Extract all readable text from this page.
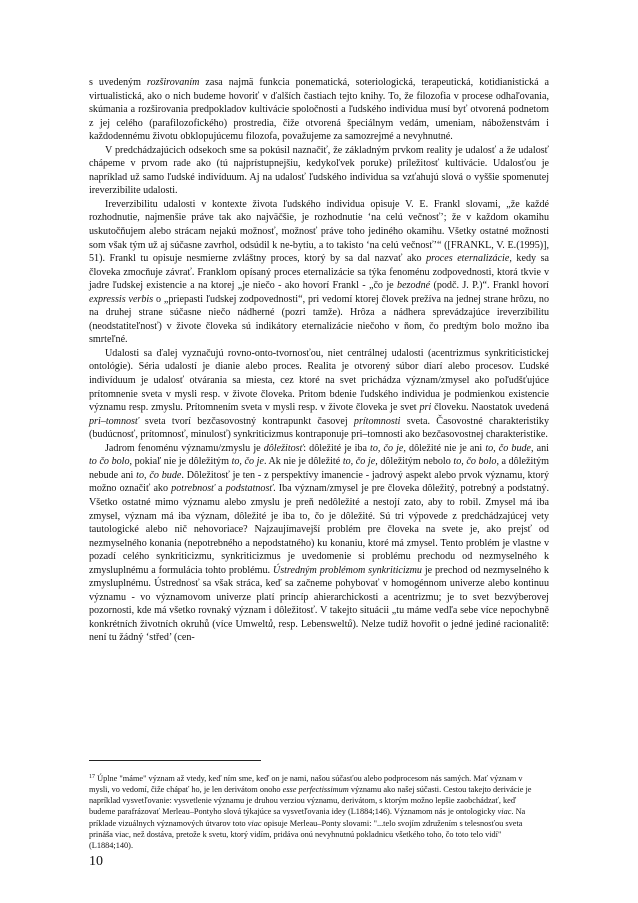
s uvedeným rozširovaním zasa najmä funkcia ponematická, soteriologická, terapeutická, kotidianistická a virtualistická, ako o nich budeme hovoriť v ďalších častiach tejto knihy. To, že filozofia v procese odhaľovania, skúmania a rozširovania predpokladov kultivácie spoločnosti a ľudského individua musí byť otvorená podnetom z jej celého (parafilozofického) prostredia, čiže otvorená špeciálnym vedám, umeniam, náboženstvám i každodennému životu obklopujúcemu filozofa, považujeme za samozrejmé a nevyhnutné.

V predchádzajúcich odsekoch sme sa pokúsil naznačiť, že základným prvkom reality je udalosť a že udalosť chápeme v prvom rade ako (tú najprístupnejšiu, kedykoľvek poruke) príležitosť kultivácie. Udalosťou je napríklad už samo ľudské indivíduum. Aj na udalosť ľudského individua sa vzťahujú slová o vyššie spomenutej ireverzibilite udalosti.

Ireverzibilitu udalosti v kontexte života ľudského individua opisuje V. E. Frankl slovami, „že každé rozhodnutie, najmenšie práve tak ako najväčšie, je rozhodnutie ‘na celú večnosť’; že v každom okamihu uskutočňujem alebo strácam nejakú možnosť, možnosť práve toho jediného okamihu. Všetky ostatné možnosti som však tým už aj súčasne zavrhol, odsúdil k ne-bytiu, a to takisto ‘na celú večnosť’“ ([FRANKL, V. E.(1995)], 51). Frankl tu opisuje nesmierne zvláštny proces, ktorý by sa dal nazvať ako proces eternalizácie, kedy sa človeka zmocňuje závrať. Franklom opísaný proces eternalizácie sa týka fenoménu zodpovednosti, ktorá tkvie v jadre ľudskej existencie a na ktorej „je niečo - ako hovorí Frankl - „čo je bezodné (podč. J. P.)“. Frankl hovorí expressis verbis o „priepasti ľudskej zodpovednosti“, pri vedomí ktorej človek prežíva na jednej strane hrôzu, no na druhej strane súčasne niečo nádherné (pozri tamže). Hrôza a nádhera sprevádzajúce ireverzibilitu (neodstatiteľnosť) v živote človeka sú indikátory eternalizácie niečoho v ňom, čo predtým bolo možno iba smrteľné.

Udalosti sa ďalej vyznačujú rovno-onto-tvornosťou, niet centrálnej udalosti (acentrizmus synkriticistickej ontológie). Séria udalostí je dianie alebo proces. Realita je otvorený súbor diarí alebo procesov. Ľudské indivíduum je udalosť otvárania sa miesta, cez ktoré na svet prichádza význam/zmysel ako poľudšťujúce prítomnenie sveta v mysli resp. v živote človeka. Pritom bdenie ľudského individua je podmienkou existencie významu resp. zmyslu. Prítomnením sveta v mysli resp. v živote človeka je svet pri človeku. Naostatok uvedená pri–tomnosť sveta tvorí bezčasovostný kontrapunkt časovej prítomnosti sveta. Časovostné charakteristiky (budúcnosť, prítomnosť, minulosť) synkriticizmus kontraponuje pri–tomnosti ako bezčasovostnej charakteristike.

Jadrom fenoménu významu/zmyslu je dôležitosť: dôležité je iba to, čo je, dôležité nie je ani to, čo bude, ani to čo bolo, pokiaľ nie je dôležitým to, čo je. Ak nie je dôležité to, čo je, dôležitým nebolo to, čo bolo, a dôležitým nebude ani to, čo bude. Dôležitosť je ten - z perspektívy imanencie - jadrový aspekt alebo prvok významu, ktorý možno označiť ako potrebnosť a podstatnosť. Iba význam/zmysel je pre človeka dôležitý, potrebný a podstatný. Všetko ostatné mimo významu alebo zmyslu je preň nedôležité a nestojí zato, aby to robil. Zmysel má iba zmysel, význam má iba význam, dôležité je iba to, čo je dôležité. Sú tri výpovede z predchádzajúcej vety tautologické alebo nič nehovoriace? Najzaujímavejší problém pre človeka na svete je, ako prejsť od nezmyselného konania (nepotrebného a nepodstatného) ku konaniu, ktoré má zmysel. Tento problém je vlastne v pozadí celého synkriticizmu, synkriticizmus je uvedomenie si problému prechodu od nezmyselného k zmysluplnému a formulácia tohto problému. Ústredným problémom synkriticizmu je prechod od nezmyselného k zmysluplnému. Ústrednosť sa však stráca, keď sa začneme pohybovať v homogénnom univerze alebo kontinuu významu - vo významovom univerze platí princíp ahierarchickosti a acentrizmu; je to svet bezvýberovej pozornosti, kde má všetko rovnaký význam i dôležitosť. V takejto situácii „tu máme vedľa sebe více nepochybně konkrétních životních okruhů (více Umweltů, resp. Lebensweltů). Nelze tudíž hovořit o jedné jediné racionalitě: není tu žádný ‘střed’ (cen-

$^{17}$ Úplne "máme" význam až vtedy, keď ním sme, keď on je nami, našou súčasťou alebo podprocesom nás samých. Mať význam v mysli, vo vedomí, čiže chápať ho, je len derivátom onoho esse perfectissimum významu ako našej súčasti. Cestou takejto derivácie je napríklad vysvetľovanie: vysvetlenie významu je druhou verziou významu, derivátom, s ktorým možno lepšie zaobchádzať, keď budeme parafrázovať Merleau–Pontyho slová týkajúce sa vysvetľovania idey (L1884;146). Významom nás je ontologicky viac. Na príklade vizuálnych významových útvarov toto viac opisuje Merleau–Ponty slovami: "...telo svojím združením s telesnosťou sveta prináša viac, než dostáva, pretože k svetu, ktorý vidím, pridáva onú nevyhnutnú pokladnicu všetkého toho, čo toto telo vidí" (L1884;140).
10
